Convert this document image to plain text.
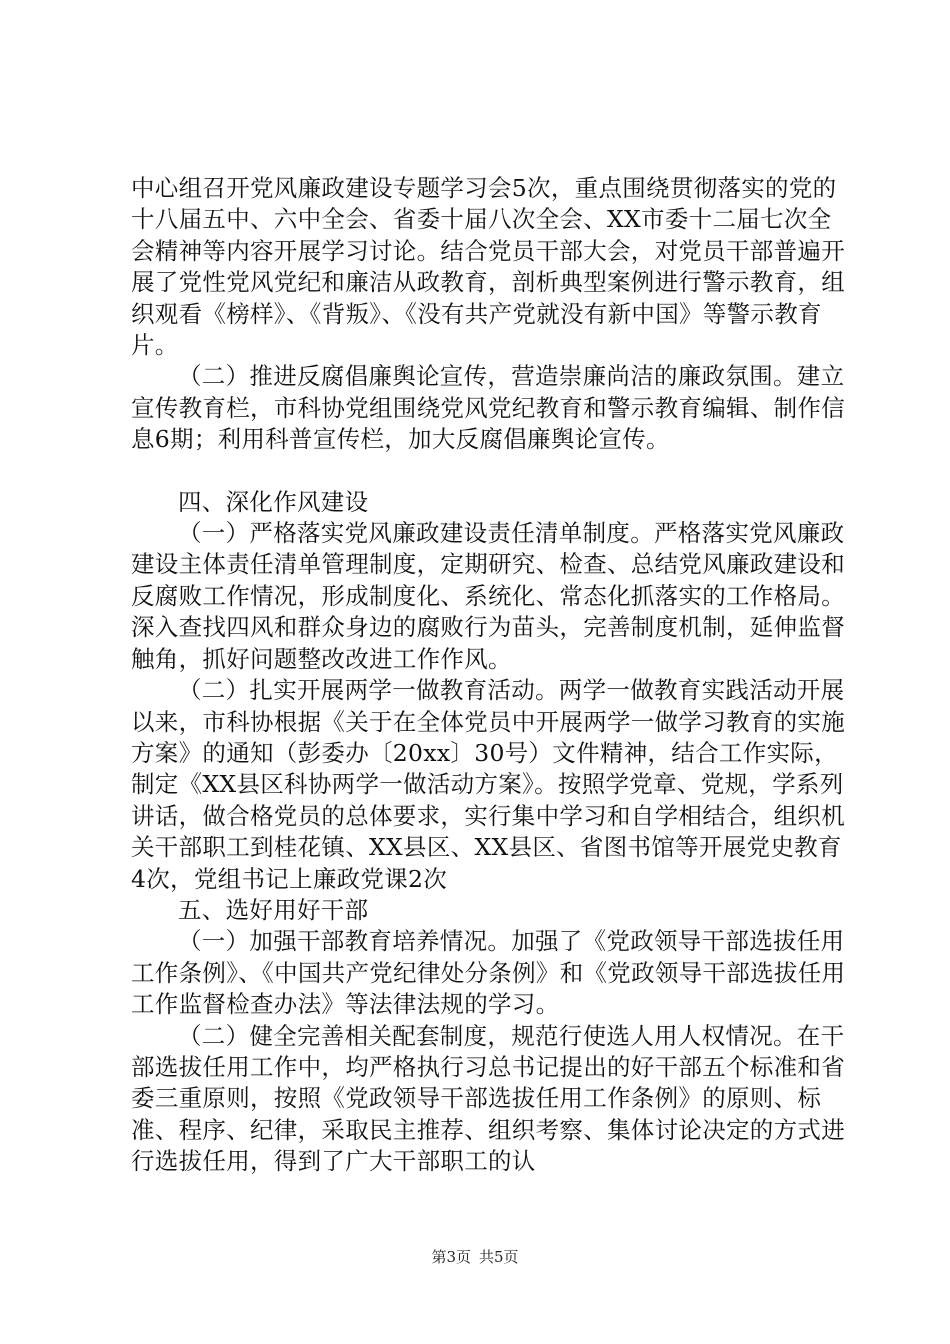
中心组召开党风廉政建设专题学习会5次，重点围绕贯彻落实的党的十八届五中、六中全会、省委十届八次全会、XX市委十二届七次全会精神等内容开展学习讨论。结合党员干部大会，对党员干部普遍开展了党性党风党纪和廉洁从政教育，剖析典型案例进行警示教育，组织观看《榜样》、《背叛》、《没有共产党就没有新中国》等警示教育片。

（二）推进反腐倡廉舆论宣传，营造崇廉尚洁的廉政氛围。建立宣传教育栏，市科协党组围绕党风党纪教育和警示教育编辑、制作信息6期；利用科普宣传栏，加大反腐倡廉舆论宣传。

四、深化作风建设

（一）严格落实党风廉政建设责任清单制度。严格落实党风廉政建设主体责任清单管理制度，定期研究、检查、总结党风廉政建设和反腐败工作情况，形成制度化、系统化、常态化抓落实的工作格局。深入查找四风和群众身边的腐败行为苗头，完善制度机制，延伸监督触角，抓好问题整改改进工作作风。

（二）扎实开展两学一做教育活动。两学一做教育实践活动开展以来，市科协根据《关于在全体党员中开展两学一做学习教育的实施方案》的通知（彭委办〔20xx〕30号）文件精神，结合工作实际，制定《XX县区科协两学一做活动方案》。按照学党章、党规，学系列讲话，做合格党员的总体要求，实行集中学习和自学相结合，组织机关干部职工到桂花镇、XX县区、XX县区、省图书馆等开展党史教育4次，党组书记上廉政党课2次

五、选好用好干部

（一）加强干部教育培养情况。加强了《党政领导干部选拔任用工作条例》、《中国共产党纪律处分条例》和《党政领导干部选拔任用工作监督检查办法》等法律法规的学习。

（二）健全完善相关配套制度，规范行使选人用人权情况。在干部选拔任用工作中，均严格执行习总书记提出的好干部五个标准和省委三重原则，按照《党政领导干部选拔任用工作条例》的原则、标准、程序、纪律，采取民主推荐、组织考察、集体讨论决定的方式进行选拔任用，得到了广大干部职工的认

第3页 共5页
